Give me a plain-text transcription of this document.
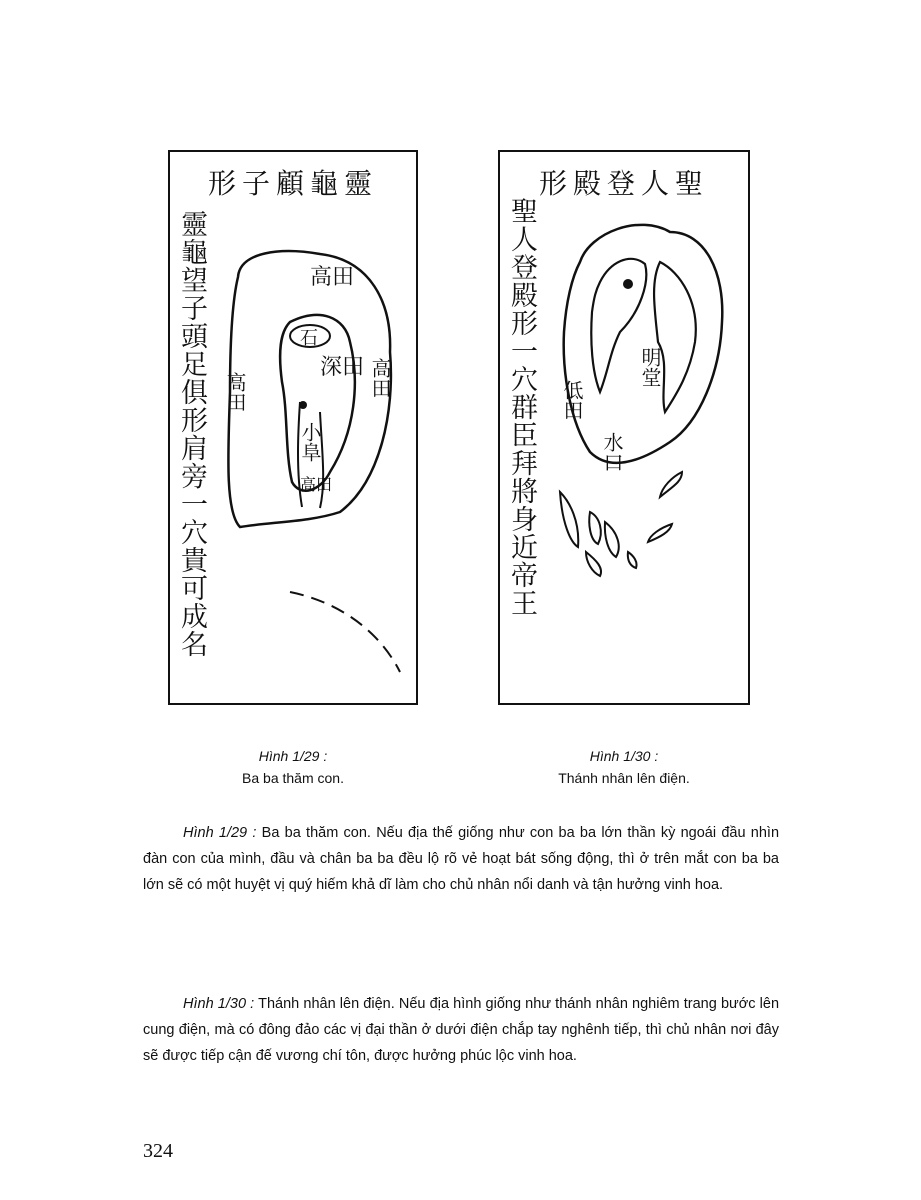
靈龜顧子形
靈龜望子頭足俱形肩旁一穴貴可成名	高田
石
深田
高田	高田
小阜
高田
聖人登殿形
聖人登殿形一穴群臣拜將身近帝王	明堂
低田
水口
Hình 1/29 :
Ba ba thăm con.
Hình 1/30 :
Thánh nhân lên điện.

Hình 1/29 : Ba ba thăm con. Nếu địa thế giống như con ba ba lớn thần kỳ ngoái đầu nhìn đàn con của mình, đầu và chân ba ba đều lộ rõ vẻ hoạt bát sống động, thì ở trên mắt con ba ba lớn sẽ có một huyệt vị quý hiếm khả dĩ làm cho chủ nhân nổi danh và tận hưởng vinh hoa.

Hình 1/30 : Thánh nhân lên điện. Nếu địa hình giống như thánh nhân nghiêm trang bước lên cung điện, mà có đông đảo các vị đại thần ở dưới điện chắp tay nghênh tiếp, thì chủ nhân nơi đây sẽ được tiếp cận đế vương chí tôn, được hưởng phúc lộc vinh hoa.

324
